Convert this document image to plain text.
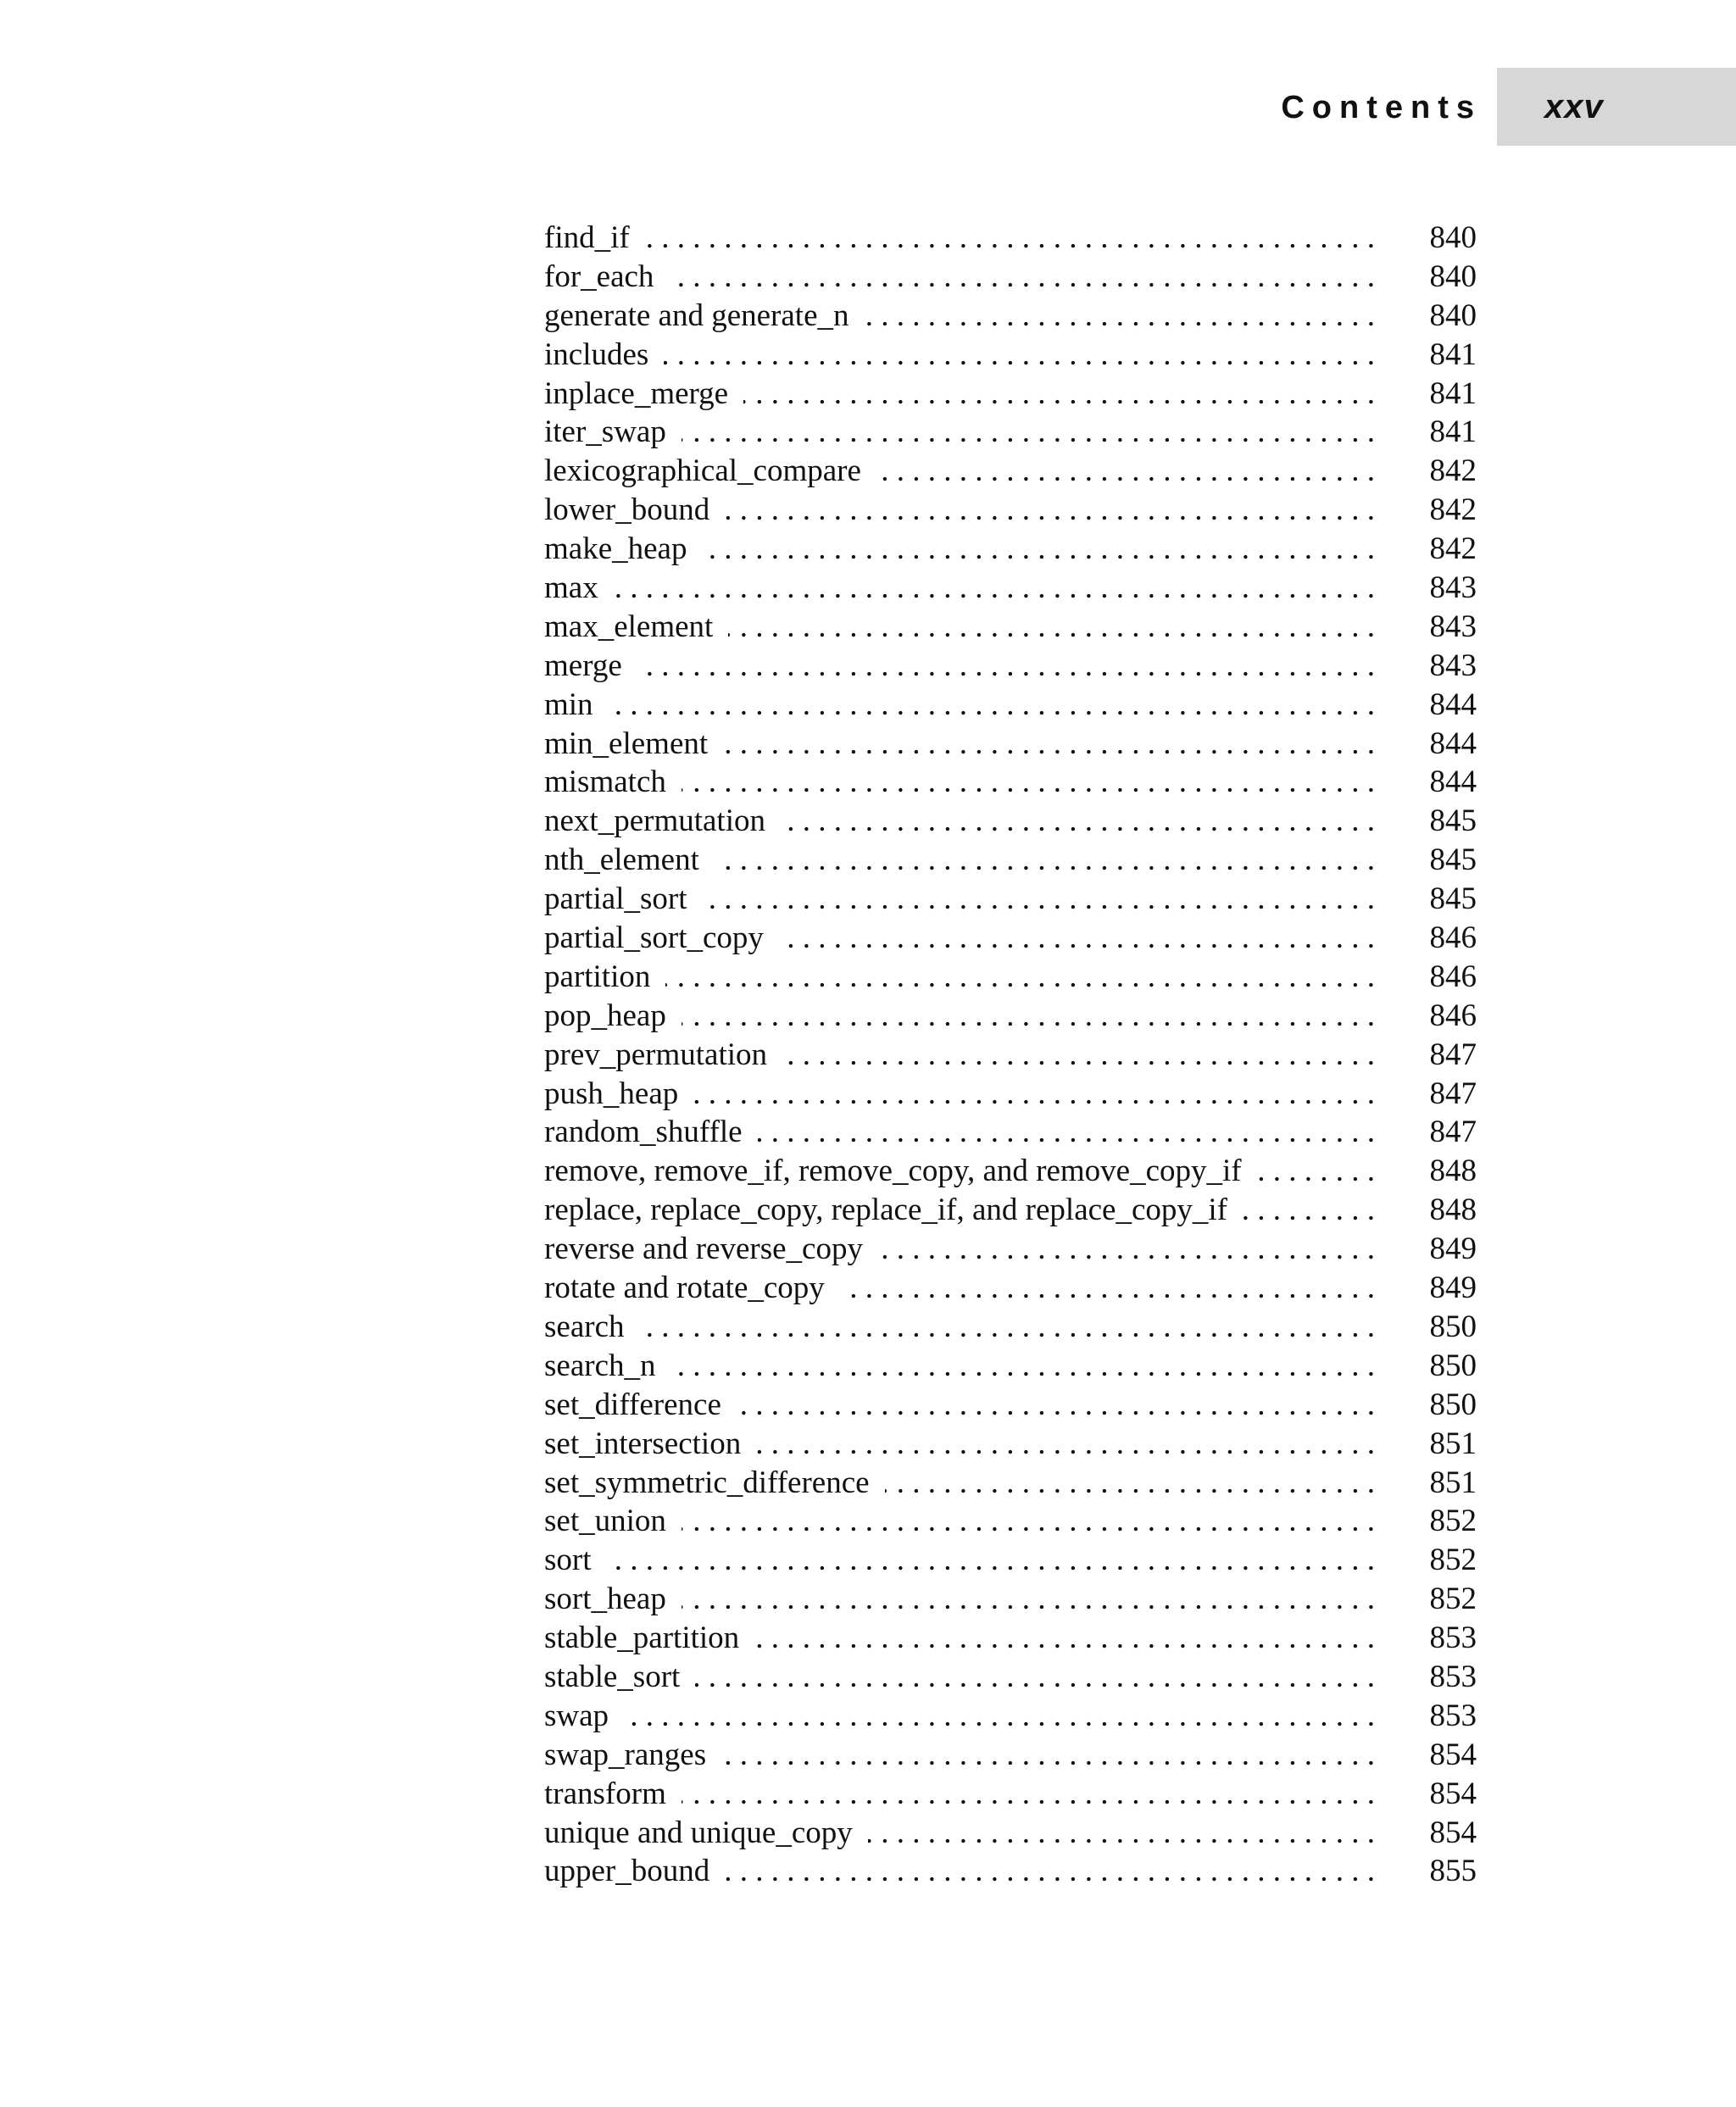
Contents xxv
find_if . . .	840
for_each . . .	840
generate and generate_n . . .	840
includes . . .	841
inplace_merge . . .	841
iter_swap . . .	841
lexicographical_compare . . .	842
lower_bound . . .	842
make_heap . . .	842
max . . .	843
max_element . . .	843
merge . . .	843
min . . .	844
min_element . . .	844
mismatch . . .	844
next_permutation . . .	845
nth_element . . .	845
partial_sort . . .	845
partial_sort_copy . . .	846
partition . . .	846
pop_heap . . .	846
prev_permutation . . .	847
push_heap . . .	847
random_shuffle . . .	847
remove, remove_if, remove_copy, and remove_copy_if . . .	848
replace, replace_copy, replace_if, and replace_copy_if . . .	848
reverse and reverse_copy . . .	849
rotate and rotate_copy . . .	849
search . . .	850
search_n . . .	850
set_difference . . .	850
set_intersection . . .	851
set_symmetric_difference . . .	851
set_union . . .	852
sort . . .	852
sort_heap . . .	852
stable_partition . . .	853
stable_sort . . .	853
swap . . .	853
swap_ranges . . .	854
transform . . .	854
unique and unique_copy . . .	854
upper_bound . . .	855
